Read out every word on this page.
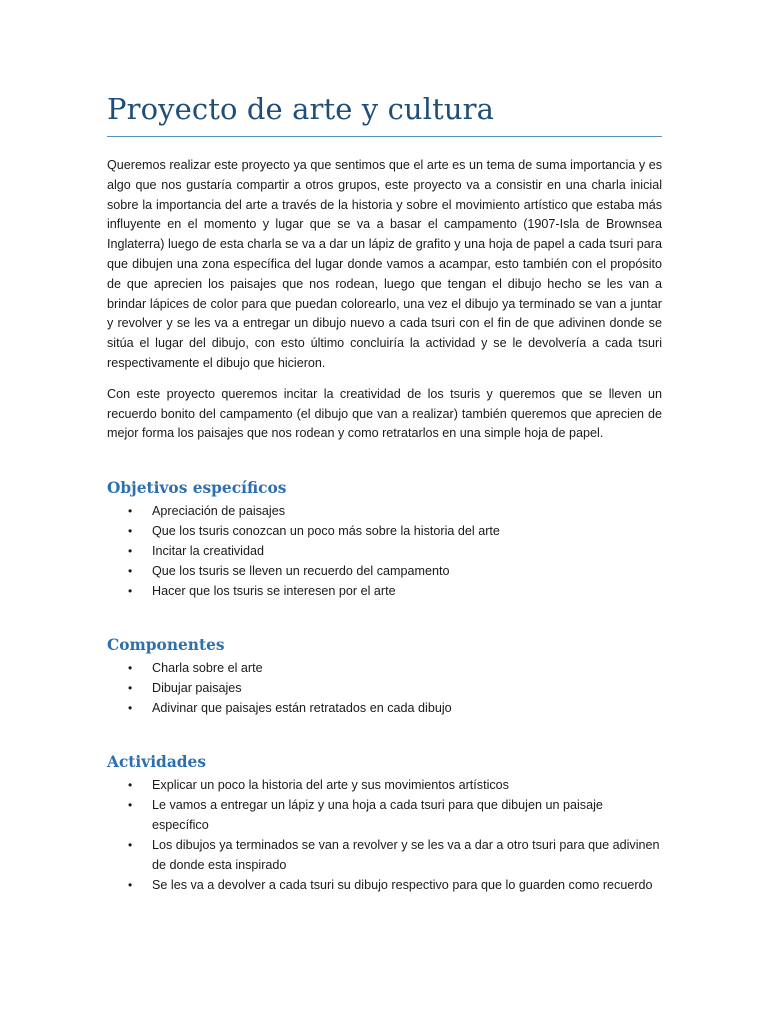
Proyecto de arte y cultura

Queremos realizar este proyecto ya que sentimos que el arte es un tema de suma importancia y es algo que nos gustaría compartir a otros grupos, este proyecto va a consistir en una charla inicial sobre la importancia del arte a través de la historia y sobre el movimiento artístico que estaba más influyente en el momento y lugar que se va a basar el campamento (1907-Isla de Brownsea Inglaterra) luego de esta charla se va a dar un lápiz de grafito y una hoja de papel a cada tsuri para que dibujen una zona específica del lugar donde vamos a acampar, esto también con el propósito de que aprecien los paisajes que nos rodean, luego que tengan el dibujo hecho se les van a brindar lápices de color para que puedan colorearlo, una vez el dibujo ya terminado se van a juntar y revolver y se les va a entregar un dibujo nuevo a cada tsuri con el fin de que adivinen donde se sitúa el lugar del dibujo, con esto último concluiría la actividad y se le devolvería a cada tsuri respectivamente el dibujo que hicieron.

Con este proyecto queremos incitar la creatividad de los tsuris y queremos que se lleven un recuerdo bonito del campamento (el dibujo que van a realizar) también queremos que aprecien de mejor forma los paisajes que nos rodean y como retratarlos en una simple hoja de papel.

Objetivos específicos
• Apreciación de paisajes
• Que los tsuris conozcan un poco más sobre la historia del arte
• Incitar la creatividad
• Que los tsuris se lleven un recuerdo del campamento
• Hacer que los tsuris se interesen por el arte
Componentes
• Charla sobre el arte
• Dibujar paisajes
• Adivinar que paisajes están retratados en cada dibujo
Actividades
• Explicar un poco la historia del arte y sus movimientos artísticos
• Le vamos a entregar un lápiz y una hoja a cada tsuri para que dibujen un paisaje específico
• Los dibujos ya terminados se van a revolver y se les va a dar a otro tsuri para que adivinen de donde esta inspirado
• Se les va a devolver a cada tsuri su dibujo respectivo para que lo guarden como recuerdo
